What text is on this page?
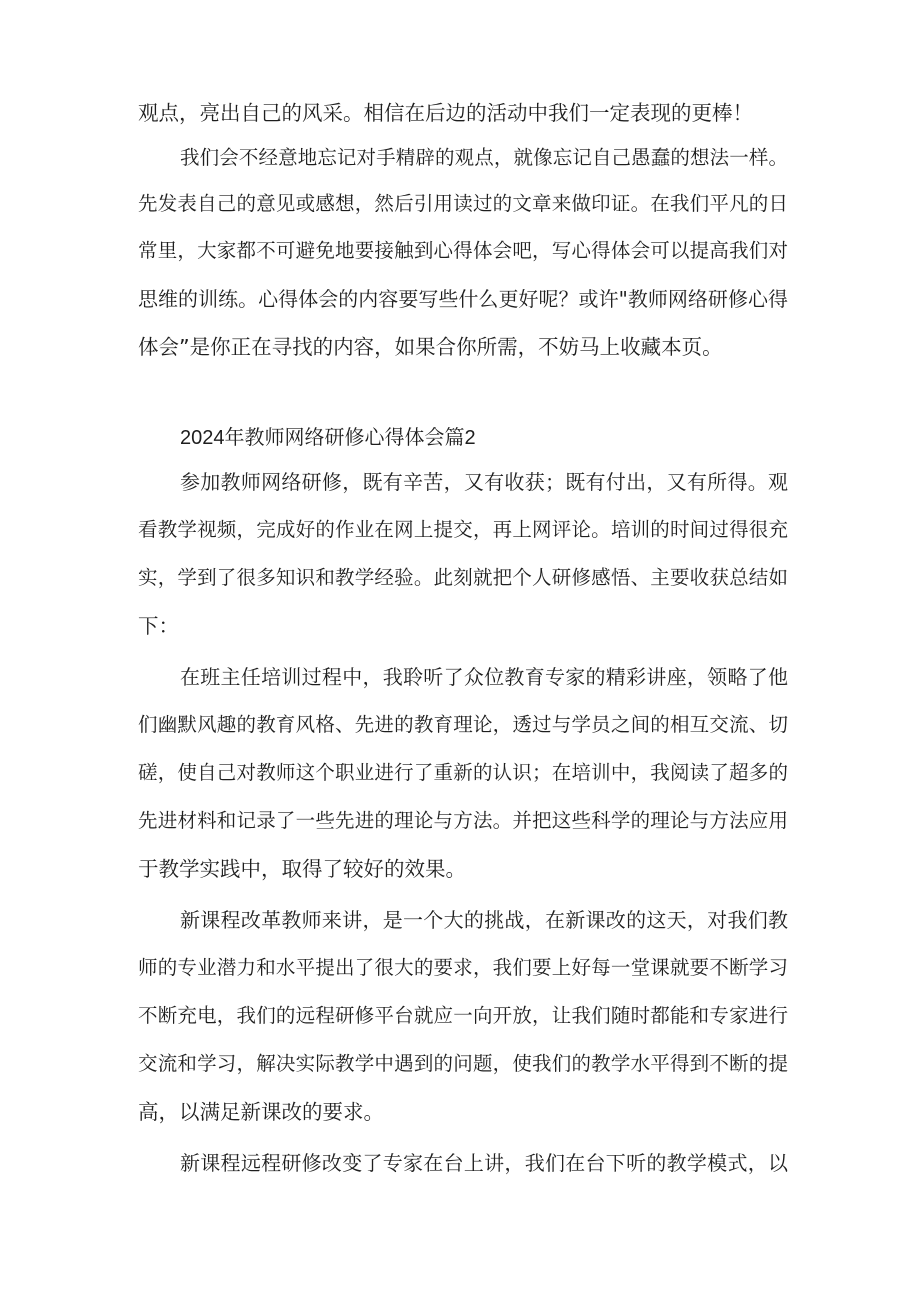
观点，亮出自己的风采。相信在后边的活动中我们一定表现的更棒！
我们会不经意地忘记对手精辟的观点，就像忘记自己愚蠢的想法一样。
先发表自己的意见或感想，然后引用读过的文章来做印证。在我们平凡的日
常里，大家都不可避免地要接触到心得体会吧，写心得体会可以提高我们对
思维的训练。心得体会的内容要写些什么更好呢？或许"教师网络研修心得
体会”是你正在寻找的内容，如果合你所需，不妨马上收藏本页。
2024年教师网络研修心得体会篇2
参加教师网络研修，既有辛苦，又有收获；既有付出，又有所得。观
看教学视频，完成好的作业在网上提交，再上网评论。培训的时间过得很充
实，学到了很多知识和教学经验。此刻就把个人研修感悟、主要收获总结如
下：
在班主任培训过程中，我聆听了众位教育专家的精彩讲座，领略了他
们幽默风趣的教育风格、先进的教育理论，透过与学员之间的相互交流、切
磋，使自己对教师这个职业进行了重新的认识；在培训中，我阅读了超多的
先进材料和记录了一些先进的理论与方法。并把这些科学的理论与方法应用
于教学实践中，取得了较好的效果。
新课程改革教师来讲，是一个大的挑战，在新课改的这天，对我们教
师的专业潜力和水平提出了很大的要求，我们要上好每一堂课就要不断学习
不断充电，我们的远程研修平台就应一向开放，让我们随时都能和专家进行
交流和学习，解决实际教学中遇到的问题，使我们的教学水平得到不断的提
高，以满足新课改的要求。
新课程远程研修改变了专家在台上讲，我们在台下听的教学模式，以
